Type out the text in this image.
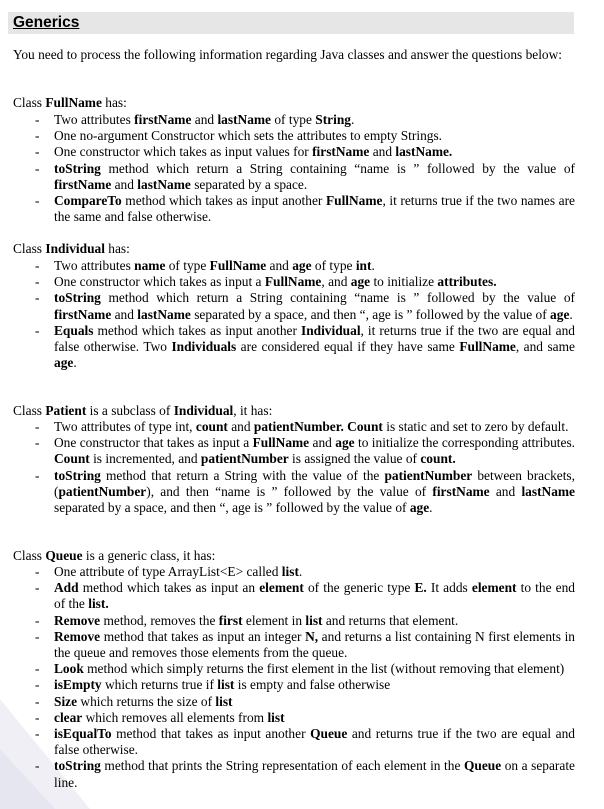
Generics
You need to process the following information regarding Java classes and answer the questions below:
Class FullName has:
- Two attributes firstName and lastName of type String.
- One no-argument Constructor which sets the attributes to empty Strings.
- One constructor which takes as input values for firstName and lastName.
- toString method which return a String containing “name is ” followed by the value of firstName and lastName separated by a space.
- CompareTo method which takes as input another FullName, it returns true if the two names are the same and false otherwise.
Class Individual has:
- Two attributes name of type FullName and age of type int.
- One constructor which takes as input a FullName, and age to initialize attributes.
- toString method which return a String containing “name is ” followed by the value of firstName and lastName separated by a space, and then “, age is ” followed by the value of age.
- Equals method which takes as input another Individual, it returns true if the two are equal and false otherwise. Two Individuals are considered equal if they have same FullName, and same age.
Class Patient is a subclass of Individual, it has:
- Two attributes of type int, count and patientNumber. Count is static and set to zero by default.
- One constructor that takes as input a FullName and age to initialize the corresponding attributes. Count is incremented, and patientNumber is assigned the value of count.
- toString method that return a String with the value of the patientNumber between brackets, (patientNumber), and then “name is ” followed by the value of firstName and lastName separated by a space, and then “, age is ” followed by the value of age.
Class Queue is a generic class, it has:
- One attribute of type ArrayList<E> called list.
- Add method which takes as input an element of the generic type E. It adds element to the end of the list.
- Remove method, removes the first element in list and returns that element.
- Remove method that takes as input an integer N, and returns a list containing N first elements in the queue and removes those elements from the queue.
- Look method which simply returns the first element in the list (without removing that element)
- isEmpty which returns true if list is empty and false otherwise
- Size which returns the size of list
- clear which removes all elements from list
- isEqualTo method that takes as input another Queue and returns true if the two are equal and false otherwise.
- toString method that prints the String representation of each element in the Queue on a separate line.
